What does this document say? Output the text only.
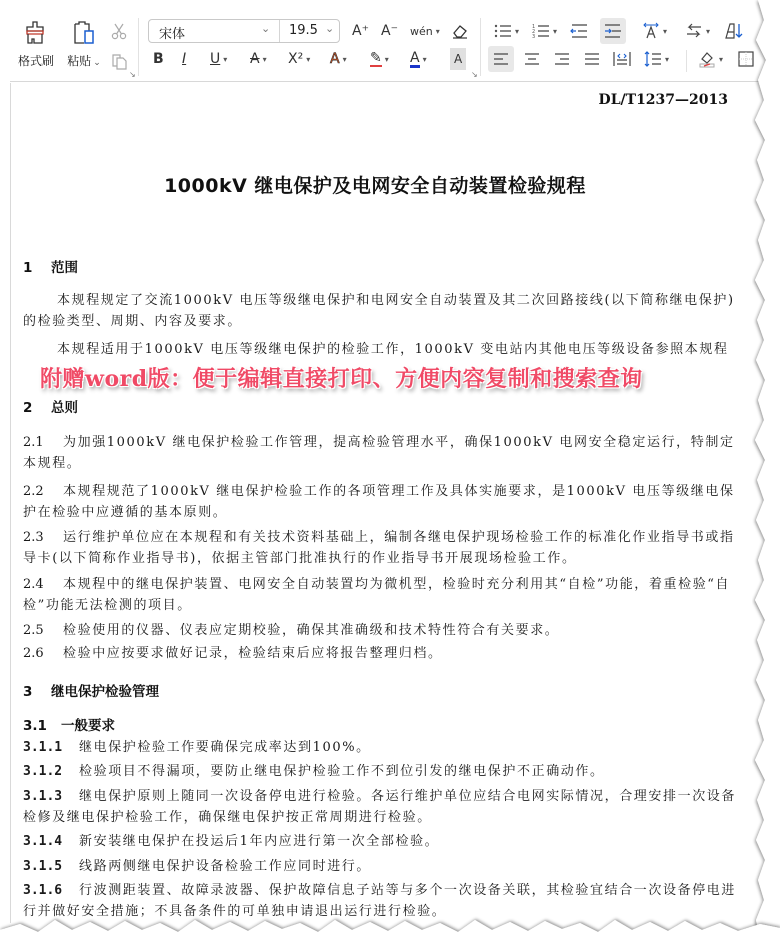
格式刷	粘贴 ⌄
↘
宋体	⌄ 19.5 ⌄ A⁺ A⁻ wén ▾
B I U ▾ A ▾ X² ▾ A ▾ ✎ ▾ A ▾ A
↘
▾	1
2
3
▾	▾	▾
▾	▾
DL/T1237—2013
1000kV 继电保护及电网安全自动装置检验规程
1 范围
本规程规定了交流1000kV 电压等级继电保护和电网安全自动装置及其二次回路接线(以下简称继电保护)的检验类型、周期、内容及要求。
本规程适用于1000kV 电压等级继电保护的检验工作，1000kV 变电站内其他电压等级设备参照本规程
2 总则
2.1 为加强1000kV 继电保护检验工作管理，提高检验管理水平，确保1000kV 电网安全稳定运行，特制定本规程。
2.2 本规程规范了1000kV 继电保护检验工作的各项管理工作及具体实施要求，是1000kV 电压等级继电保护在检验中应遵循的基本原则。
2.3 运行维护单位应在本规程和有关技术资料基础上，编制各继电保护现场检验工作的标准化作业指导书或指导卡(以下简称作业指导书)，依据主管部门批准执行的作业指导书开展现场检验工作。
2.4 本规程中的继电保护装置、电网安全自动装置均为微机型，检验时充分利用其“自检”功能，着重检验“自检”功能无法检测的项目。
2.5 检验使用的仪器、仪表应定期校验，确保其准确级和技术特性符合有关要求。
2.6 检验中应按要求做好记录，检验结束后应将报告整理归档。
3 继电保护检验管理
3.1 一般要求
3.1.1 继电保护检验工作要确保完成率达到100%。
3.1.2 检验项目不得漏项，要防止继电保护检验工作不到位引发的继电保护不正确动作。
3.1.3 继电保护原则上随同一次设备停电进行检验。各运行维护单位应结合电网实际情况，合理安排一次设备检修及继电保护检验工作，确保继电保护按正常周期进行检验。
3.1.4 新安装继电保护在投运后1年内应进行第一次全部检验。
3.1.5 线路两侧继电保护设备检验工作应同时进行。
3.1.6 行波测距装置、故障录波器、保护故障信息子站等与多个一次设备关联，其检验宜结合一次设备停电进行并做好安全措施；不具备条件的可单独申请退出运行进行检验。
附赠word版：便于编辑直接打印、方便内容复制和搜索查询
